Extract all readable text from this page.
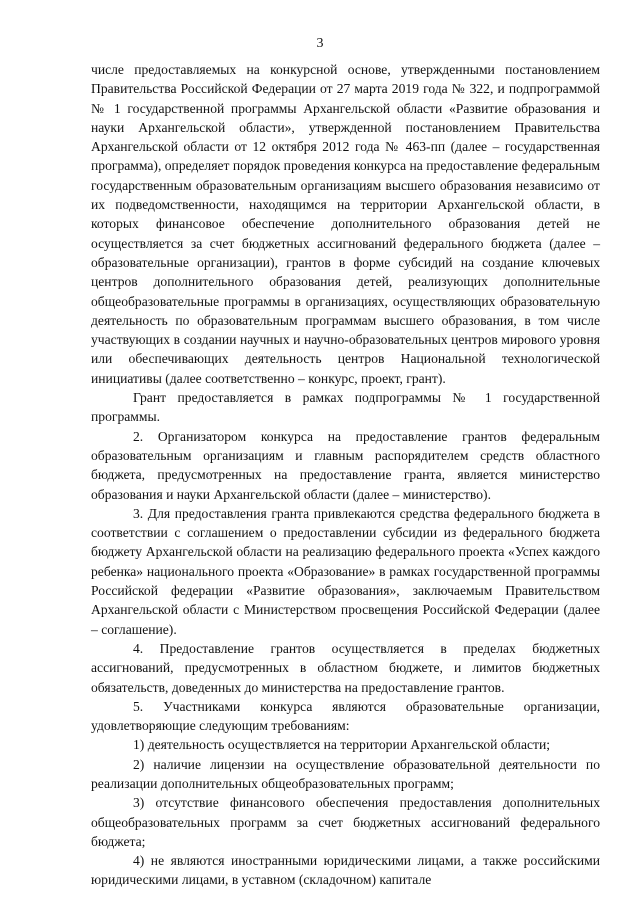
3

числе предоставляемых на конкурсной основе, утвержденными постановлением Правительства Российской Федерации от 27 марта 2019 года № 322, и подпрограммой № 1 государственной программы Архангельской области «Развитие образования и науки Архангельской области», утвержденной постановлением Правительства Архангельской области от 12 октября 2012 года № 463-пп (далее – государственная программа), определяет порядок проведения конкурса на предоставление федеральным государственным образовательным организациям высшего образования независимо от их подведомственности, находящимся на территории Архангельской области, в которых финансовое обеспечение дополнительного образования детей не осуществляется за счет бюджетных ассигнований федерального бюджета (далее – образовательные организации), грантов в форме субсидий на создание ключевых центров дополнительного образования детей, реализующих дополнительные общеобразовательные программы в организациях, осуществляющих образовательную деятельность по образовательным программам высшего образования, в том числе участвующих в создании научных и научно-образовательных центров мирового уровня или обеспечивающих деятельность центров Национальной технологической инициативы (далее соответственно – конкурс, проект, грант).

Грант предоставляется в рамках подпрограммы № 1 государственной программы.

2. Организатором конкурса на предоставление грантов федеральным образовательным организациям и главным распорядителем средств областного бюджета, предусмотренных на предоставление гранта, является министерство образования и науки Архангельской области (далее – министерство).

3. Для предоставления гранта привлекаются средства федерального бюджета в соответствии с соглашением о предоставлении субсидии из федерального бюджета бюджету Архангельской области на реализацию федерального проекта «Успех каждого ребенка» национального проекта «Образование» в рамках государственной программы Российской федерации «Развитие образования», заключаемым Правительством Архангельской области с Министерством просвещения Российской Федерации (далее – соглашение).

4. Предоставление грантов осуществляется в пределах бюджетных ассигнований, предусмотренных в областном бюджете, и лимитов бюджетных обязательств, доведенных до министерства на предоставление грантов.

5. Участниками конкурса являются образовательные организации, удовлетворяющие следующим требованиям:

1) деятельность осуществляется на территории Архангельской области;

2) наличие лицензии на осуществление образовательной деятельности по реализации дополнительных общеобразовательных программ;

3) отсутствие финансового обеспечения предоставления дополнительных общеобразовательных программ за счет бюджетных ассигнований федерального бюджета;

4) не являются иностранными юридическими лицами, а также российскими юридическими лицами, в уставном (складочном) капитале
